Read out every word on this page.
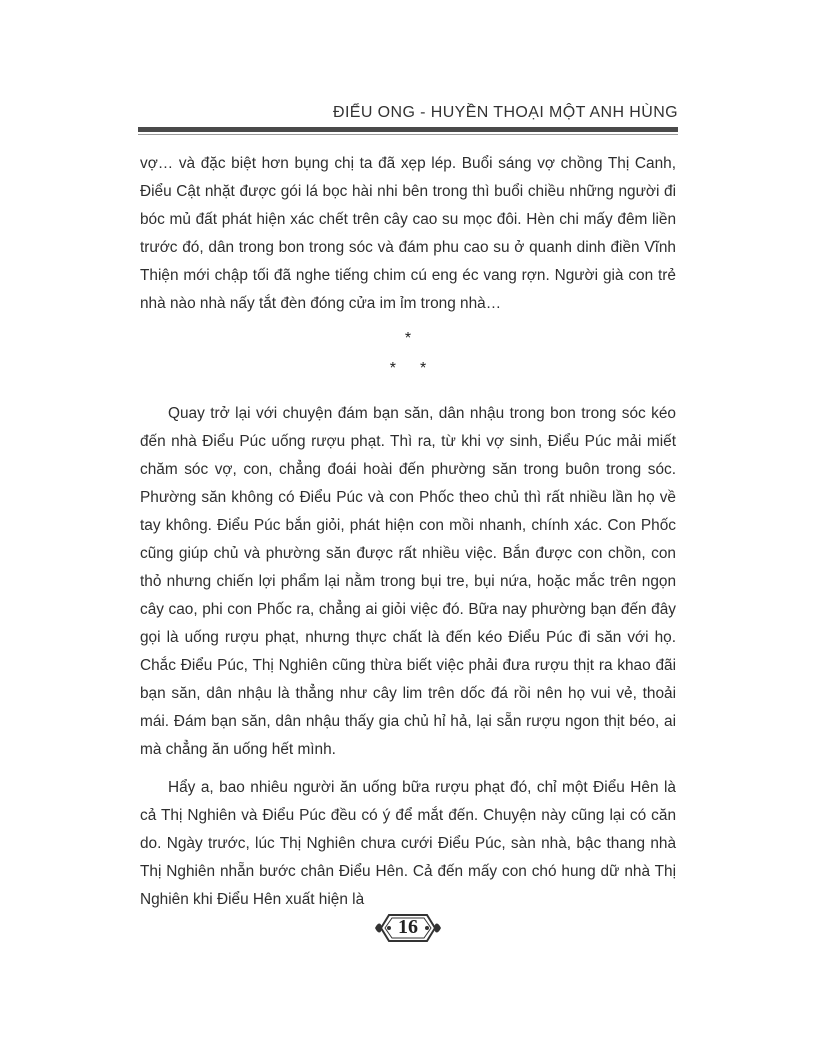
ĐIỂU ONG - HUYỀN THOẠI MỘT ANH HÙNG

vợ… và đặc biệt hơn bụng chị ta đã xẹp lép. Buổi sáng vợ chồng Thị Canh, Điểu Cật nhặt được gói lá bọc hài nhi bên trong thì buổi chiều những người đi bóc mủ đất phát hiện xác chết trên cây cao su mọc đôi. Hèn chi mấy đêm liền trước đó, dân trong bon trong sóc và đám phu cao su ở quanh dinh điền Vĩnh Thiện mới chập tối đã nghe tiếng chim cú eng éc vang rợn. Người già con trẻ nhà nào nhà nấy tắt đèn đóng cửa im ỉm trong nhà…

*
* *

Quay trở lại với chuyện đám bạn săn, dân nhậu trong bon trong sóc kéo đến nhà Điểu Púc uống rượu phạt. Thì ra, từ khi vợ sinh, Điểu Púc mải miết chăm sóc vợ, con, chẳng đoái hoài đến phường săn trong buôn trong sóc. Phường săn không có Điểu Púc và con Phốc theo chủ thì rất nhiều lần họ về tay không. Điểu Púc bắn giỏi, phát hiện con mồi nhanh, chính xác. Con Phốc cũng giúp chủ và phường săn được rất nhiều việc. Bắn được con chồn, con thỏ nhưng chiến lợi phẩm lại nằm trong bụi tre, bụi nứa, hoặc mắc trên ngọn cây cao, phi con Phốc ra, chẳng ai giỏi việc đó. Bữa nay phường bạn đến đây gọi là uống rượu phạt, nhưng thực chất là đến kéo Điểu Púc đi săn với họ. Chắc Điểu Púc, Thị Nghiên cũng thừa biết việc phải đưa rượu thịt ra khao đãi bạn săn, dân nhậu là thẳng như cây lim trên dốc đá rồi nên họ vui vẻ, thoải mái. Đám bạn săn, dân nhậu thấy gia chủ hỉ hả, lại sẵn rượu ngon thịt béo, ai mà chẳng ăn uống hết mình.

Hẩy a, bao nhiêu người ăn uống bữa rượu phạt đó, chỉ một Điểu Hên là cả Thị Nghiên và Điểu Púc đều có ý để mắt đến. Chuyện này cũng lại có căn do. Ngày trước, lúc Thị Nghiên chưa cưới Điểu Púc, sàn nhà, bậc thang nhà Thị Nghiên nhẵn bước chân Điểu Hên. Cả đến mấy con chó hung dữ nhà Thị Nghiên khi Điểu Hên xuất hiện là

16
